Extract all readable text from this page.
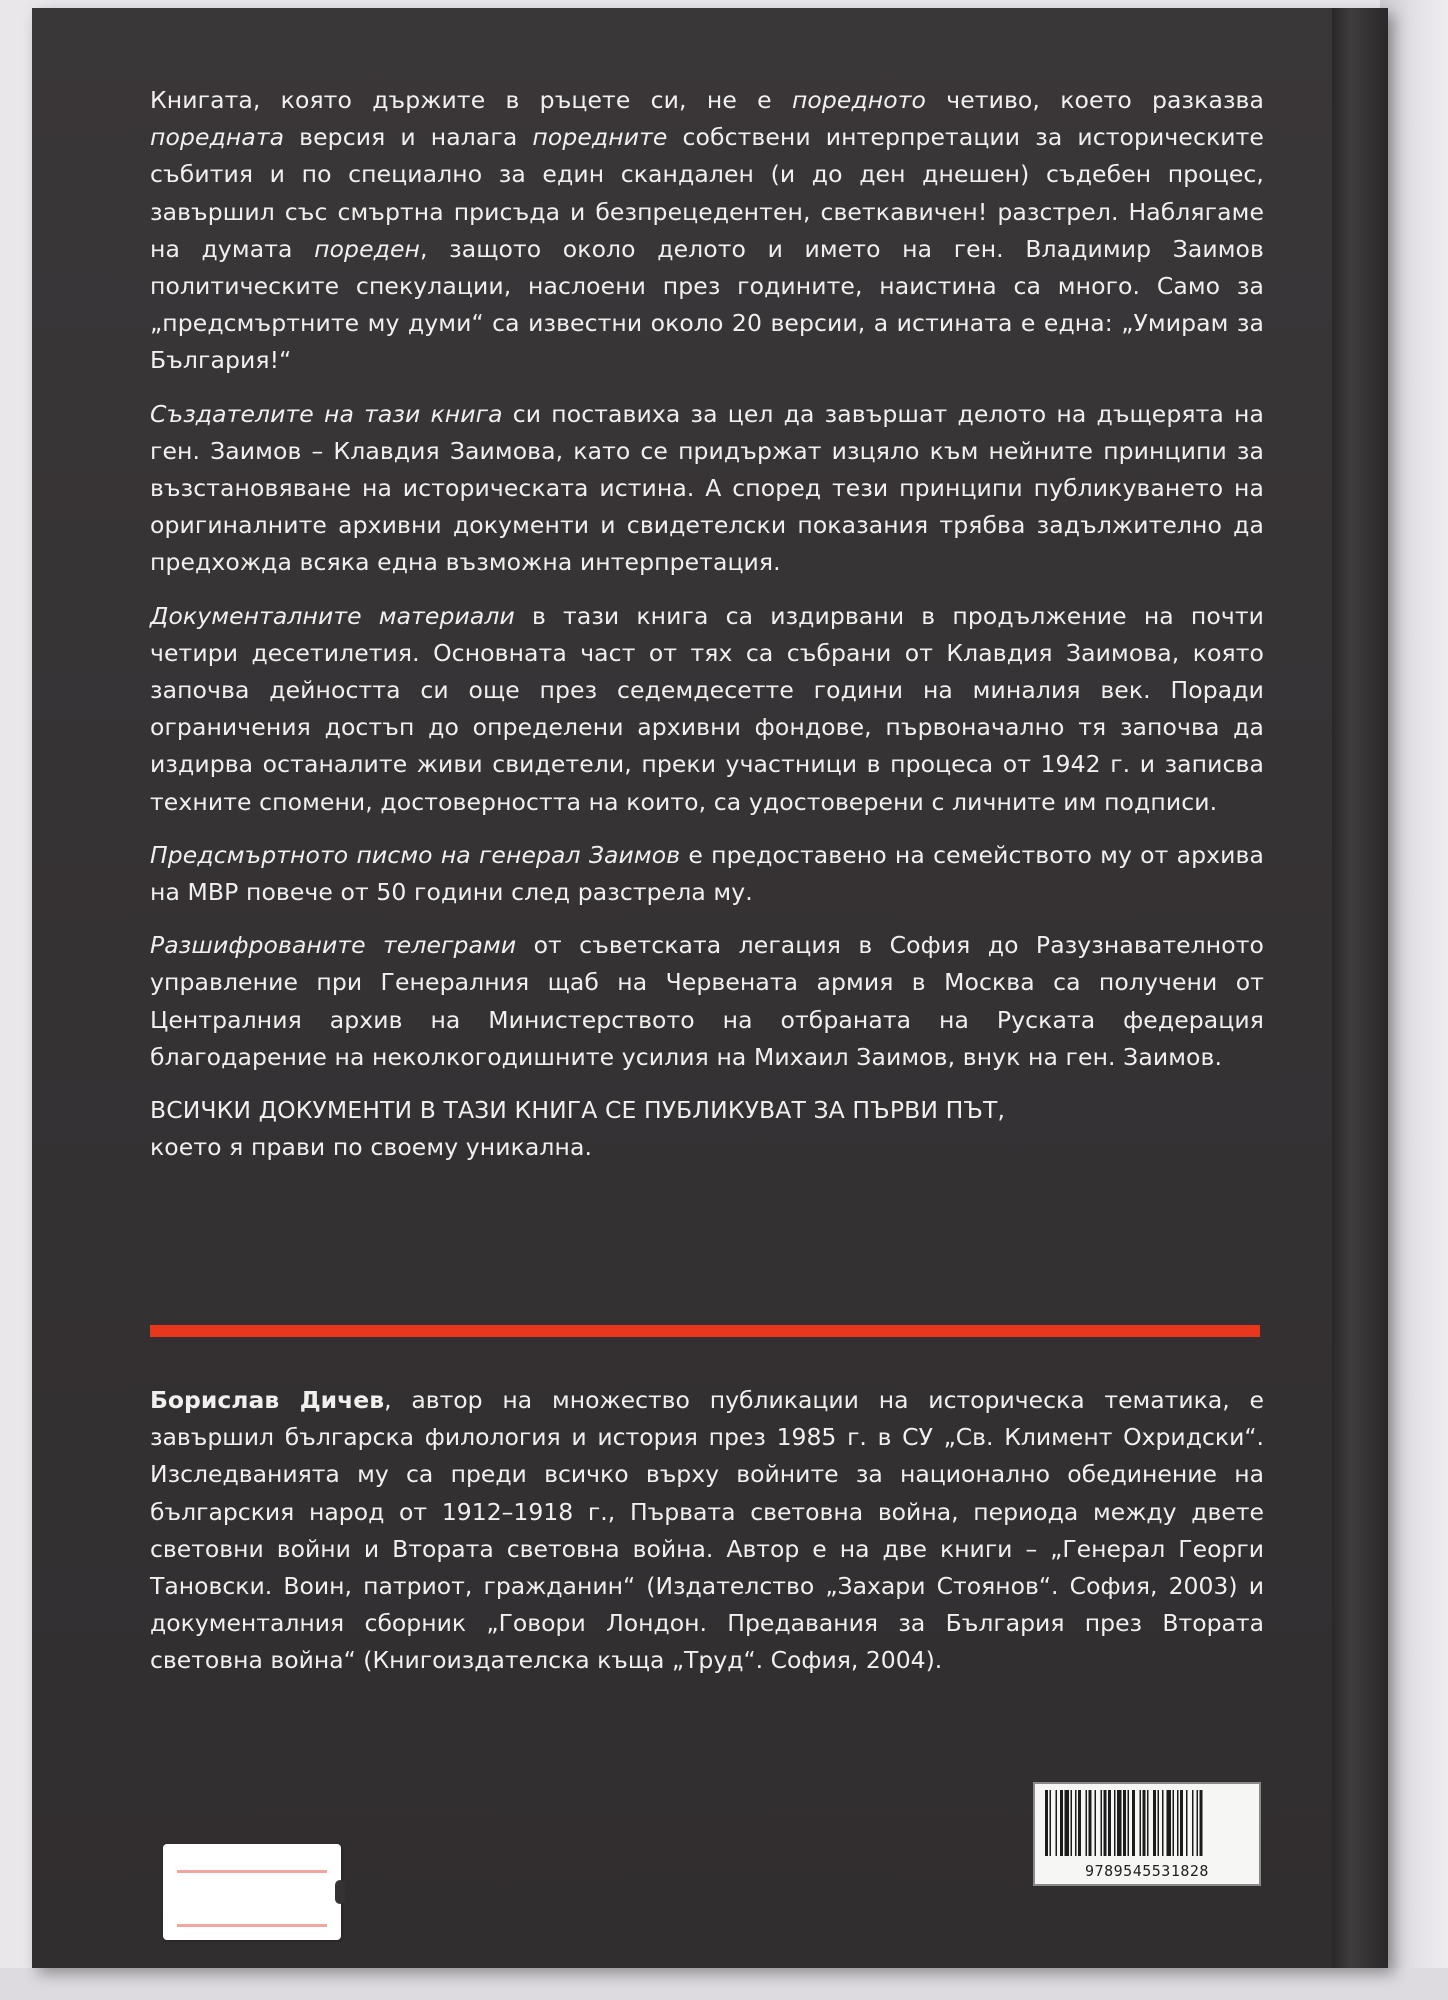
Книгата, която държите в ръцете си, не е поредното четиво, което разказва поредната версия и налага поредните собствени интерпретации за историческите събития и по специално за един скандален (и до ден днешен) съдебен процес, завършил със смъртна присъда и безпрецедентен, светкавичен! разстрел. Наблягаме на думата пореден, защото около делото и името на ген. Владимир Заимов политическите спекулации, наслоени през годините, наистина са много. Само за „предсмъртните му думи“ са известни около 20 версии, а истината е една: „Умирам за България!“

Създателите на тази книга си поставиха за цел да завършат делото на дъщерята на ген. Заимов – Клавдия Заимова, като се придържат изцяло към нейните принципи за възстановяване на историческата истина. А според тези принципи публикуването на оригиналните архивни документи и свидетелски показания трябва задължително да предхожда всяка една възможна интерпретация.

Документалните материали в тази книга са издирвани в продължение на почти четири десетилетия. Основната част от тях са събрани от Клавдия Заимова, която започва дейността си още през седемдесетте години на миналия век. Поради ограничения достъп до определени архивни фондове, първоначално тя започва да издирва останалите живи свидетели, преки участници в процеса от 1942 г. и записва техните спомени, достоверността на които, са удостоверени с личните им подписи.

Предсмъртното писмо на генерал Заимов е предоставено на семейството му от архива на МВР повече от 50 години след разстрела му.

Разшифрованите телеграми от съветската легация в София до Разузнавателното управление при Генералния щаб на Червената армия в Москва са получени от Централния архив на Министерството на отбраната на Руската федерация благодарение на неколкогодишните усилия на Михаил Заимов, внук на ген. Заимов.

ВСИЧКИ ДОКУМЕНТИ В ТАЗИ КНИГА СЕ ПУБЛИКУВАТ ЗА ПЪРВИ ПЪТ,
което я прави по своему уникална.

Борислав Дичев, автор на множество публикации на историческа тематика, е завършил българска филология и история през 1985 г. в СУ „Св. Климент Охридски“. Изследванията му са преди всичко върху войните за национално обединение на българския народ от 1912–1918 г., Първата световна война, периода между двете световни войни и Втората световна война. Автор е на две книги – „Генерал Георги Тановски. Воин, патриот, гражданин“ (Издателство „Захари Стоянов“. София, 2003) и документалния сборник „Говори Лондон. Предавания за България през Втората световна война“ (Книгоиздателска къща „Труд“. София, 2004).

9789545531828
